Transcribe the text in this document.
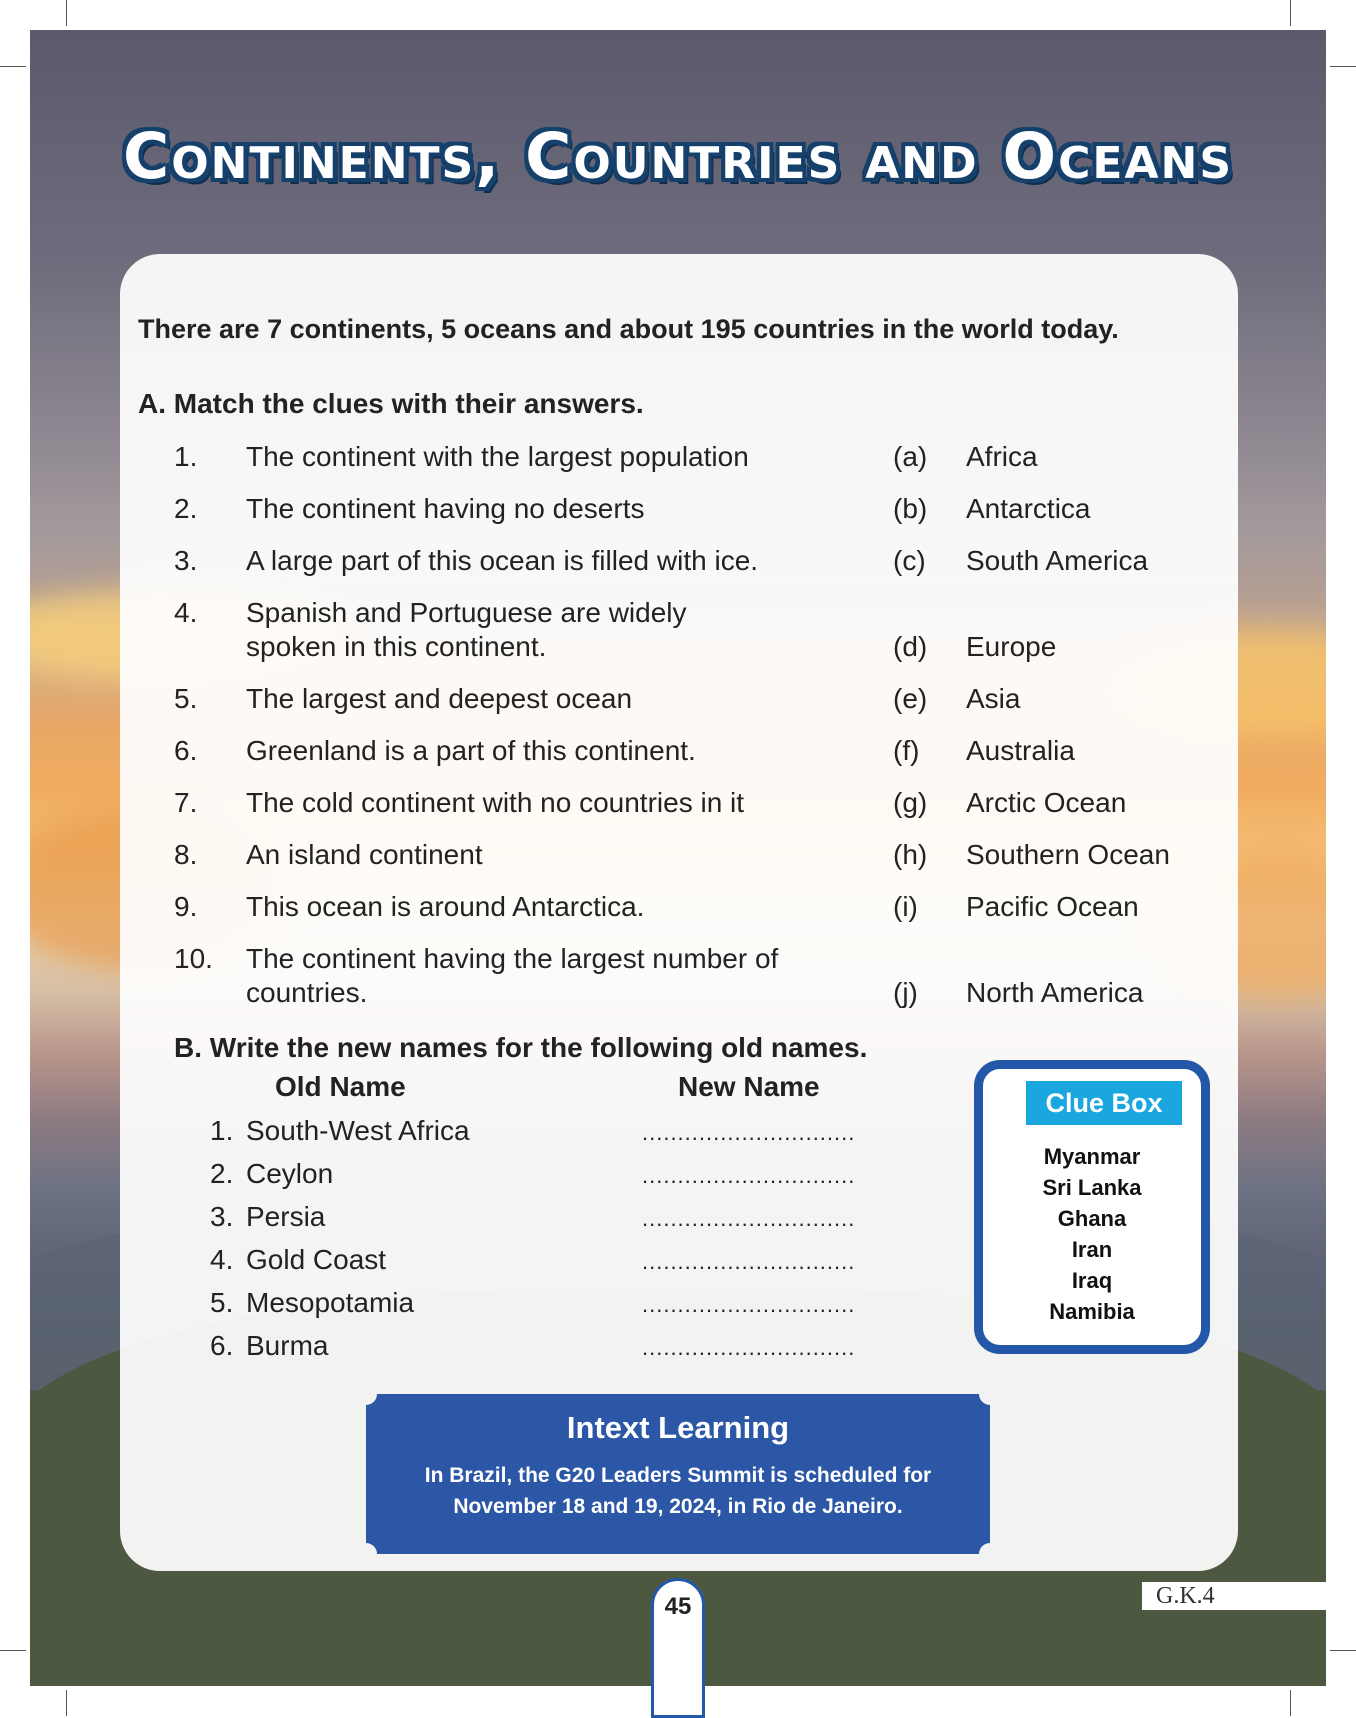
Continents, Countries and Oceans
There are 7 continents, 5 oceans and about 195 countries in the world today.
A. Match the clues with their answers.
1. The continent with the largest population	(a) Africa
2. The continent having no deserts	(b) Antarctica
3. A large part of this ocean is filled with ice.	(c) South America
4. Spanish and Portuguese are widely
spoken in this continent.	(d) Europe
5. The largest and deepest ocean	(e) Asia
6. Greenland is a part of this continent.	(f) Australia
7. The cold continent with no countries in it	(g) Arctic Ocean
8. An island continent	(h) Southern Ocean
9. This ocean is around Antarctica.	(i) Pacific Ocean
10. The continent having the largest number of
countries.	(j) North America
B. Write the new names for the following old names.
Old Name	New Name
1. South-West Africa	..............................
2. Ceylon	..............................
3. Persia	..............................
4. Gold Coast	..............................
5. Mesopotamia	..............................
6. Burma	..............................
Clue Box
Myanmar
Sri Lanka
Ghana
Iran
Iraq
Namibia
Intext Learning
In Brazil, the G20 Leaders Summit is scheduled for
November 18 and 19, 2024, in Rio de Janeiro.
45	G.K.4
